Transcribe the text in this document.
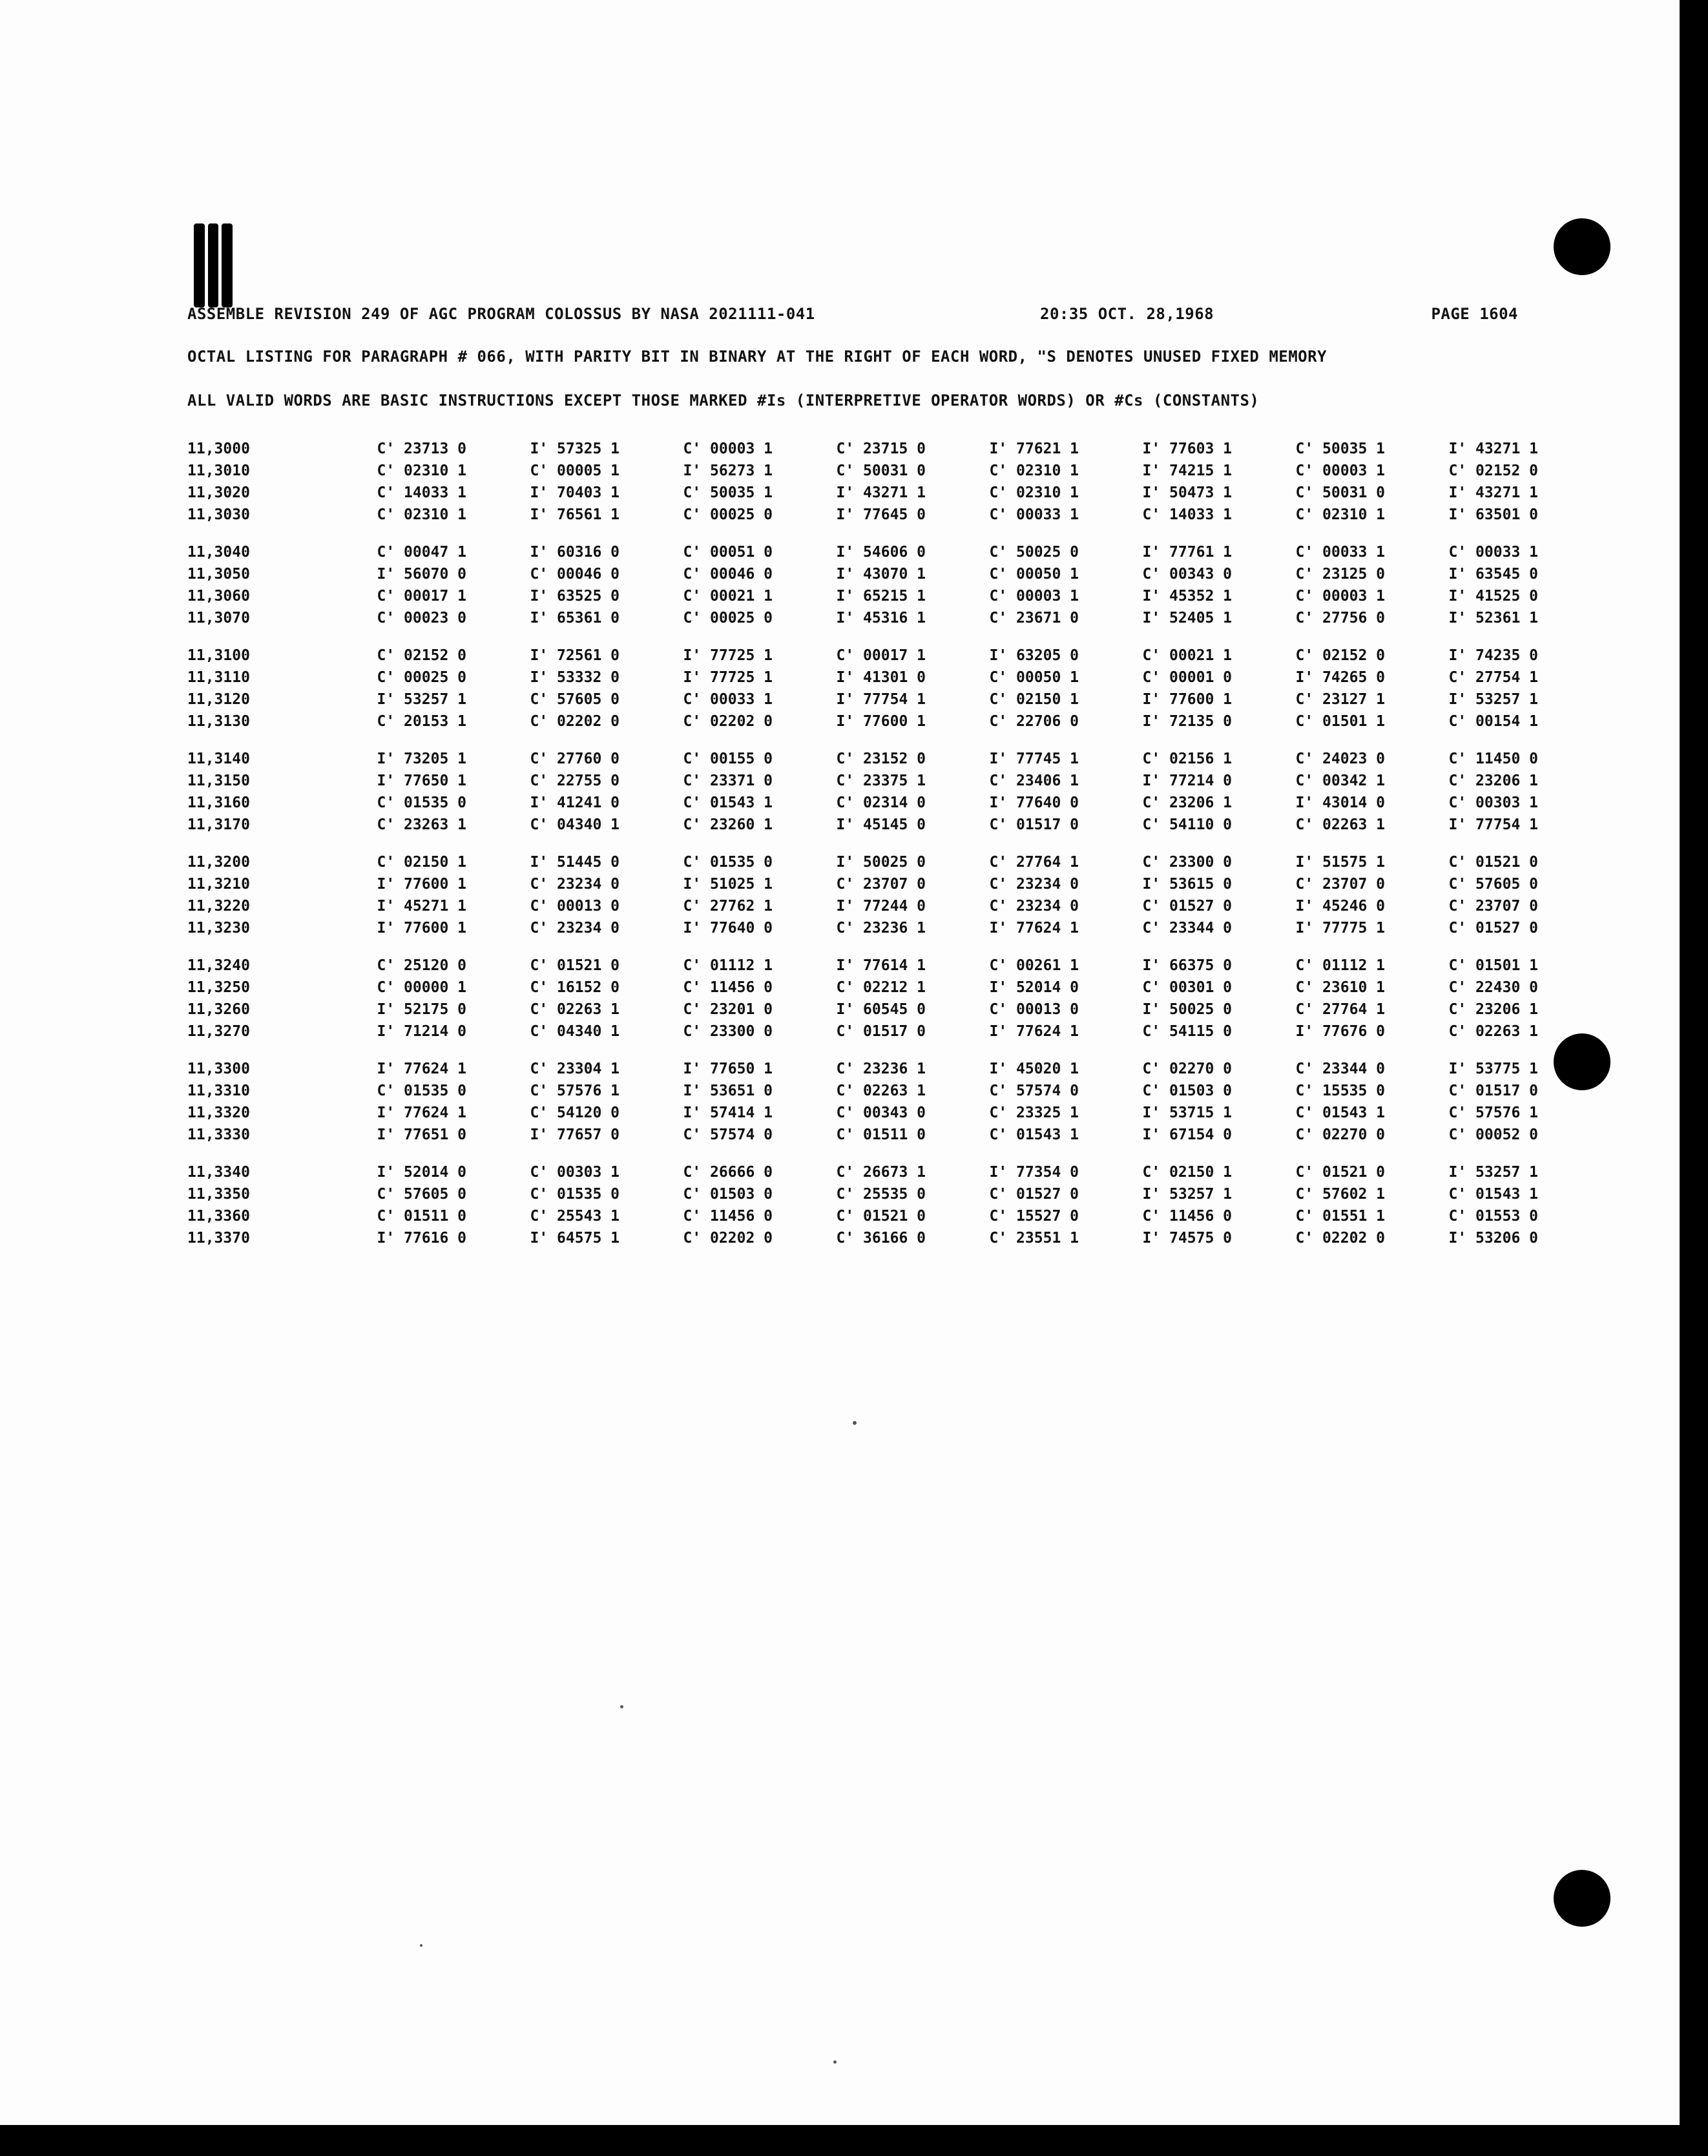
ASSEMBLE REVISION 249 OF AGC PROGRAM COLOSSUS BY NASA 2021111-041	20:35 OCT. 28,1968	PAGE 1604
OCTAL LISTING FOR PARAGRAPH # 066, WITH PARITY BIT IN BINARY AT THE RIGHT OF EACH WORD, "S DENOTES UNUSED FIXED MEMORY
ALL VALID WORDS ARE BASIC INSTRUCTIONS EXCEPT THOSE MARKED #Is (INTERPRETIVE OPERATOR WORDS) OR #Cs (CONSTANTS)
11,3000	C' 23713 0	I' 57325 1	C' 00003 1	C' 23715 0	I' 77621 1	I' 77603 1	C' 50035 1	I' 43271 1
11,3010	C' 02310 1	C' 00005 1	I' 56273 1	C' 50031 0	C' 02310 1	I' 74215 1	C' 00003 1	C' 02152 0
11,3020	C' 14033 1	I' 70403 1	C' 50035 1	I' 43271 1	C' 02310 1	I' 50473 1	C' 50031 0	I' 43271 1
11,3030	C' 02310 1	I' 76561 1	C' 00025 0	I' 77645 0	C' 00033 1	C' 14033 1	C' 02310 1	I' 63501 0
11,3040	C' 00047 1	I' 60316 0	C' 00051 0	I' 54606 0	C' 50025 0	I' 77761 1	C' 00033 1	C' 00033 1
11,3050	I' 56070 0	C' 00046 0	C' 00046 0	I' 43070 1	C' 00050 1	C' 00343 0	C' 23125 0	I' 63545 0
11,3060	C' 00017 1	I' 63525 0	C' 00021 1	I' 65215 1	C' 00003 1	I' 45352 1	C' 00003 1	I' 41525 0
11,3070	C' 00023 0	I' 65361 0	C' 00025 0	I' 45316 1	C' 23671 0	I' 52405 1	C' 27756 0	I' 52361 1
11,3100	C' 02152 0	I' 72561 0	I' 77725 1	C' 00017 1	I' 63205 0	C' 00021 1	C' 02152 0	I' 74235 0
11,3110	C' 00025 0	I' 53332 0	I' 77725 1	I' 41301 0	C' 00050 1	C' 00001 0	I' 74265 0	C' 27754 1
11,3120	I' 53257 1	C' 57605 0	C' 00033 1	I' 77754 1	C' 02150 1	I' 77600 1	C' 23127 1	I' 53257 1
11,3130	C' 20153 1	C' 02202 0	C' 02202 0	I' 77600 1	C' 22706 0	I' 72135 0	C' 01501 1	C' 00154 1
11,3140	I' 73205 1	C' 27760 0	C' 00155 0	C' 23152 0	I' 77745 1	C' 02156 1	C' 24023 0	C' 11450 0
11,3150	I' 77650 1	C' 22755 0	C' 23371 0	C' 23375 1	C' 23406 1	I' 77214 0	C' 00342 1	C' 23206 1
11,3160	C' 01535 0	I' 41241 0	C' 01543 1	C' 02314 0	I' 77640 0	C' 23206 1	I' 43014 0	C' 00303 1
11,3170	C' 23263 1	C' 04340 1	C' 23260 1	I' 45145 0	C' 01517 0	C' 54110 0	C' 02263 1	I' 77754 1
11,3200	C' 02150 1	I' 51445 0	C' 01535 0	I' 50025 0	C' 27764 1	C' 23300 0	I' 51575 1	C' 01521 0
11,3210	I' 77600 1	C' 23234 0	I' 51025 1	C' 23707 0	C' 23234 0	I' 53615 0	C' 23707 0	C' 57605 0
11,3220	I' 45271 1	C' 00013 0	C' 27762 1	I' 77244 0	C' 23234 0	C' 01527 0	I' 45246 0	C' 23707 0
11,3230	I' 77600 1	C' 23234 0	I' 77640 0	C' 23236 1	I' 77624 1	C' 23344 0	I' 77775 1	C' 01527 0
11,3240	C' 25120 0	C' 01521 0	C' 01112 1	I' 77614 1	C' 00261 1	I' 66375 0	C' 01112 1	C' 01501 1
11,3250	C' 00000 1	C' 16152 0	C' 11456 0	C' 02212 1	I' 52014 0	C' 00301 0	C' 23610 1	C' 22430 0
11,3260	I' 52175 0	C' 02263 1	C' 23201 0	I' 60545 0	C' 00013 0	I' 50025 0	C' 27764 1	C' 23206 1
11,3270	I' 71214 0	C' 04340 1	C' 23300 0	C' 01517 0	I' 77624 1	C' 54115 0	I' 77676 0	C' 02263 1
11,3300	I' 77624 1	C' 23304 1	I' 77650 1	C' 23236 1	I' 45020 1	C' 02270 0	C' 23344 0	I' 53775 1
11,3310	C' 01535 0	C' 57576 1	I' 53651 0	C' 02263 1	C' 57574 0	C' 01503 0	C' 15535 0	C' 01517 0
11,3320	I' 77624 1	C' 54120 0	I' 57414 1	C' 00343 0	C' 23325 1	I' 53715 1	C' 01543 1	C' 57576 1
11,3330	I' 77651 0	I' 77657 0	C' 57574 0	C' 01511 0	C' 01543 1	I' 67154 0	C' 02270 0	C' 00052 0
11,3340	I' 52014 0	C' 00303 1	C' 26666 0	C' 26673 1	I' 77354 0	C' 02150 1	C' 01521 0	I' 53257 1
11,3350	C' 57605 0	C' 01535 0	C' 01503 0	C' 25535 0	C' 01527 0	I' 53257 1	C' 57602 1	C' 01543 1
11,3360	C' 01511 0	C' 25543 1	C' 11456 0	C' 01521 0	C' 15527 0	C' 11456 0	C' 01551 1	C' 01553 0
11,3370	I' 77616 0	I' 64575 1	C' 02202 0	C' 36166 0	C' 23551 1	I' 74575 0	C' 02202 0	I' 53206 0
